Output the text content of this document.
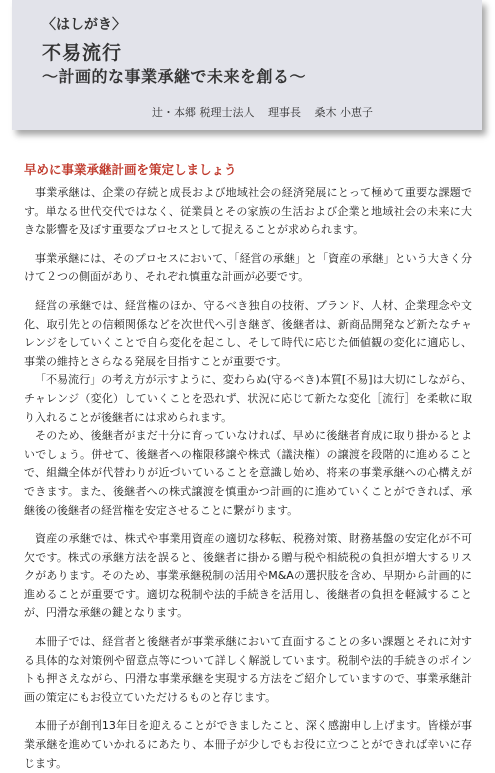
〈はしがき〉
不易流行
～計画的な事業承継で未来を創る～
辻・本郷 税理士法人 理事長 桑木 小恵子
早めに事業承継計画を策定しましょう

事業承継は、企業の存続と成長および地域社会の経済発展にとって極めて重要な課題です。単なる世代交代ではなく、従業員とその家族の生活および企業と地域社会の未来に大きな影響を及ぼす重要なプロセスとして捉えることが求められます。

事業承継には、そのプロセスにおいて、「経営の承継」と「資産の承継」という大きく分けて２つの側面があり、それぞれ慎重な計画が必要です。

経営の承継では、経営権のほか、守るべき独自の技術、ブランド、人材、企業理念や文化、取引先との信頼関係などを次世代へ引き継ぎ、後継者は、新商品開発など新たなチャレンジをしていくことで自ら変化を起こし、そして時代に応じた価値観の変化に適応し、事業の維持とさらなる発展を目指すことが重要です。

「不易流行」の考え方が示すように、変わらぬ(守るべき)本質[不易]は大切にしながら、チャレンジ（変化）していくことを恐れず、状況に応じて新たな変化［流行］を柔軟に取り入れることが後継者には求められます。

そのため、後継者がまだ十分に育っていなければ、早めに後継者育成に取り掛かるとよいでしょう。併せて、後継者への権限移譲や株式（議決権）の譲渡を段階的に進めることで、組織全体が代替わりが近づいていることを意識し始め、将来の事業承継への心構えができます。また、後継者への株式譲渡を慎重かつ計画的に進めていくことができれば、承継後の後継者の経営権を安定させることに繋がります。

資産の承継では、株式や事業用資産の適切な移転、税務対策、財務基盤の安定化が不可欠です。株式の承継方法を誤ると、後継者に掛かる贈与税や相続税の負担が増大するリスクがあります。そのため、事業承継税制の活用やM&Aの選択肢を含め、早期から計画的に進めることが重要です。適切な税制や法的手続きを活用し、後継者の負担を軽減することが、円滑な承継の鍵となります。

本冊子では、経営者と後継者が事業承継において直面することの多い課題とそれに対する具体的な対策例や留意点等について詳しく解説しています。税制や法的手続きのポイントも押さえながら、円滑な事業承継を実現する方法をご紹介していますので、事業承継計画の策定にもお役立ていただけるものと存じます。

本冊子が創刊13年目を迎えることができましたこと、深く感謝申し上げます。皆様が事業承継を進めていかれるにあたり、本冊子が少しでもお役に立つことができれば幸いに存じます。
